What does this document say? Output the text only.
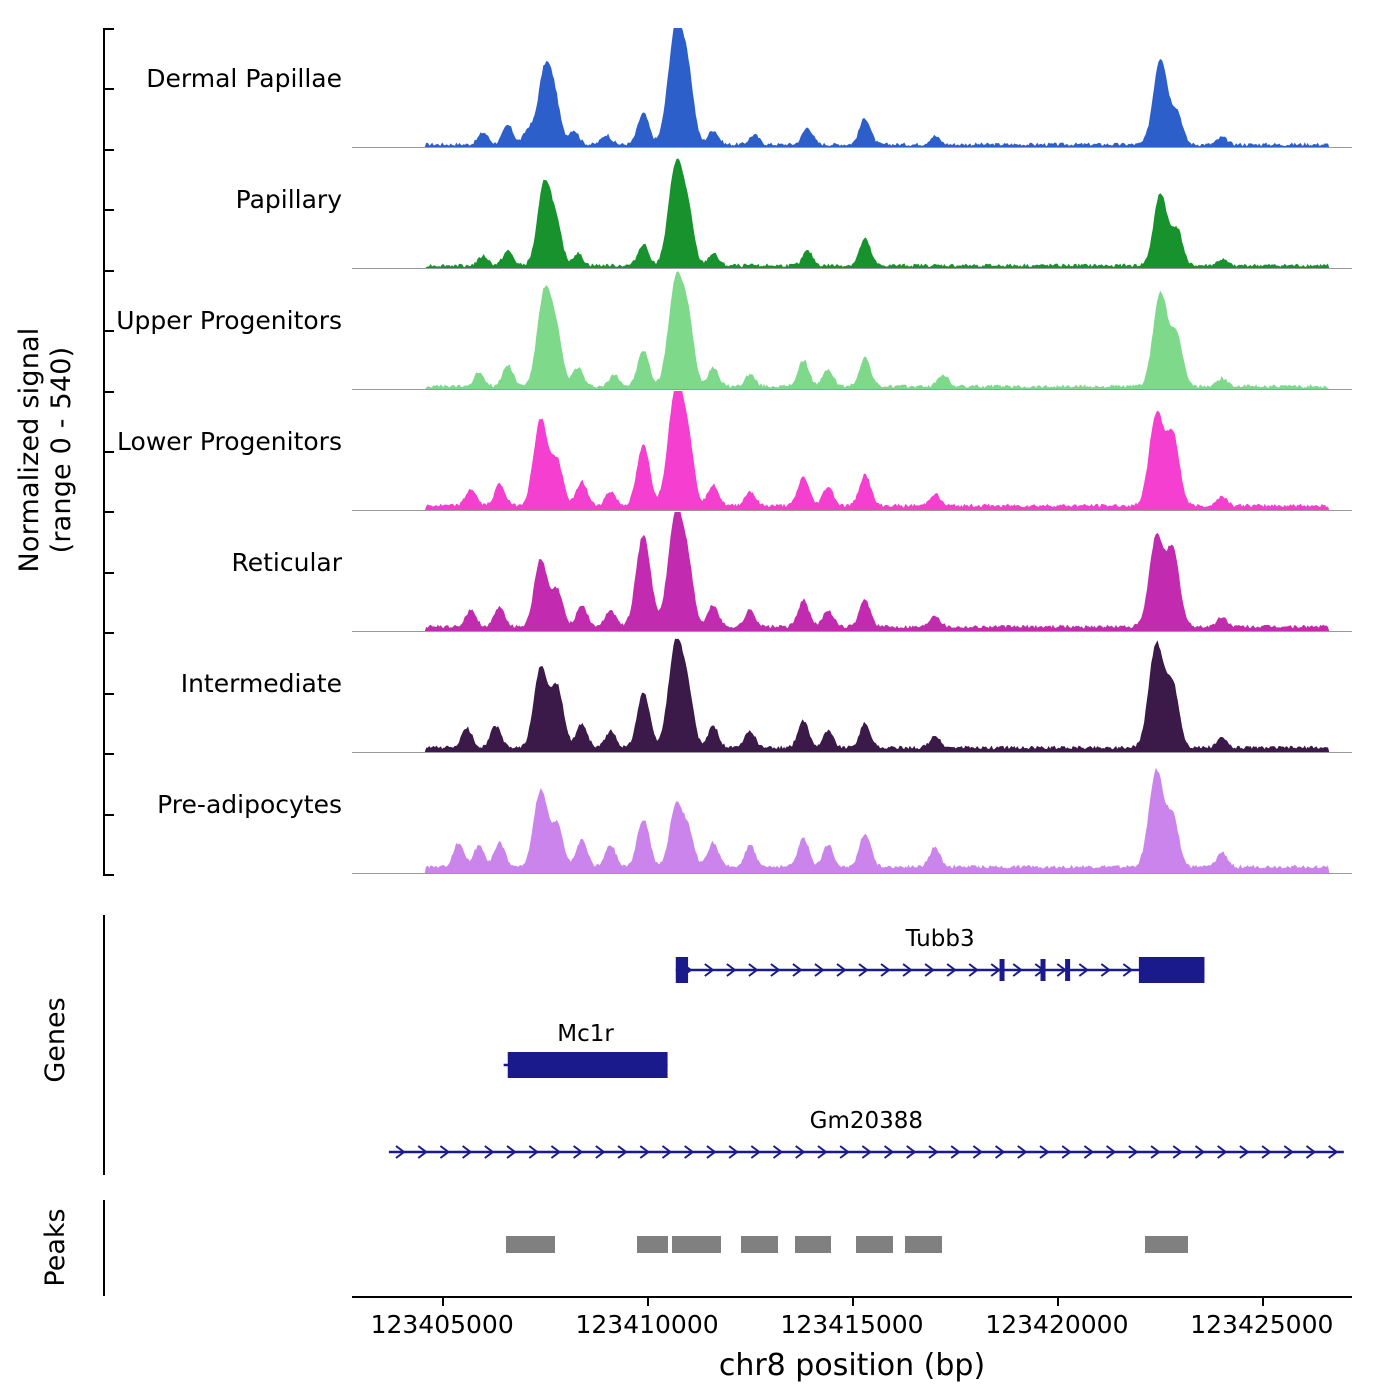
Normalized signal (range 0 - 540)
Genes
Peaks
Dermal Papillae
Papillary
Upper Progenitors
Lower Progenitors
Reticular
Intermediate
Pre-adipocytes
Tubb3
Mc1r
Gm20388
123405000 123410000 123415000 123420000 123425000
chr8 position (bp)
